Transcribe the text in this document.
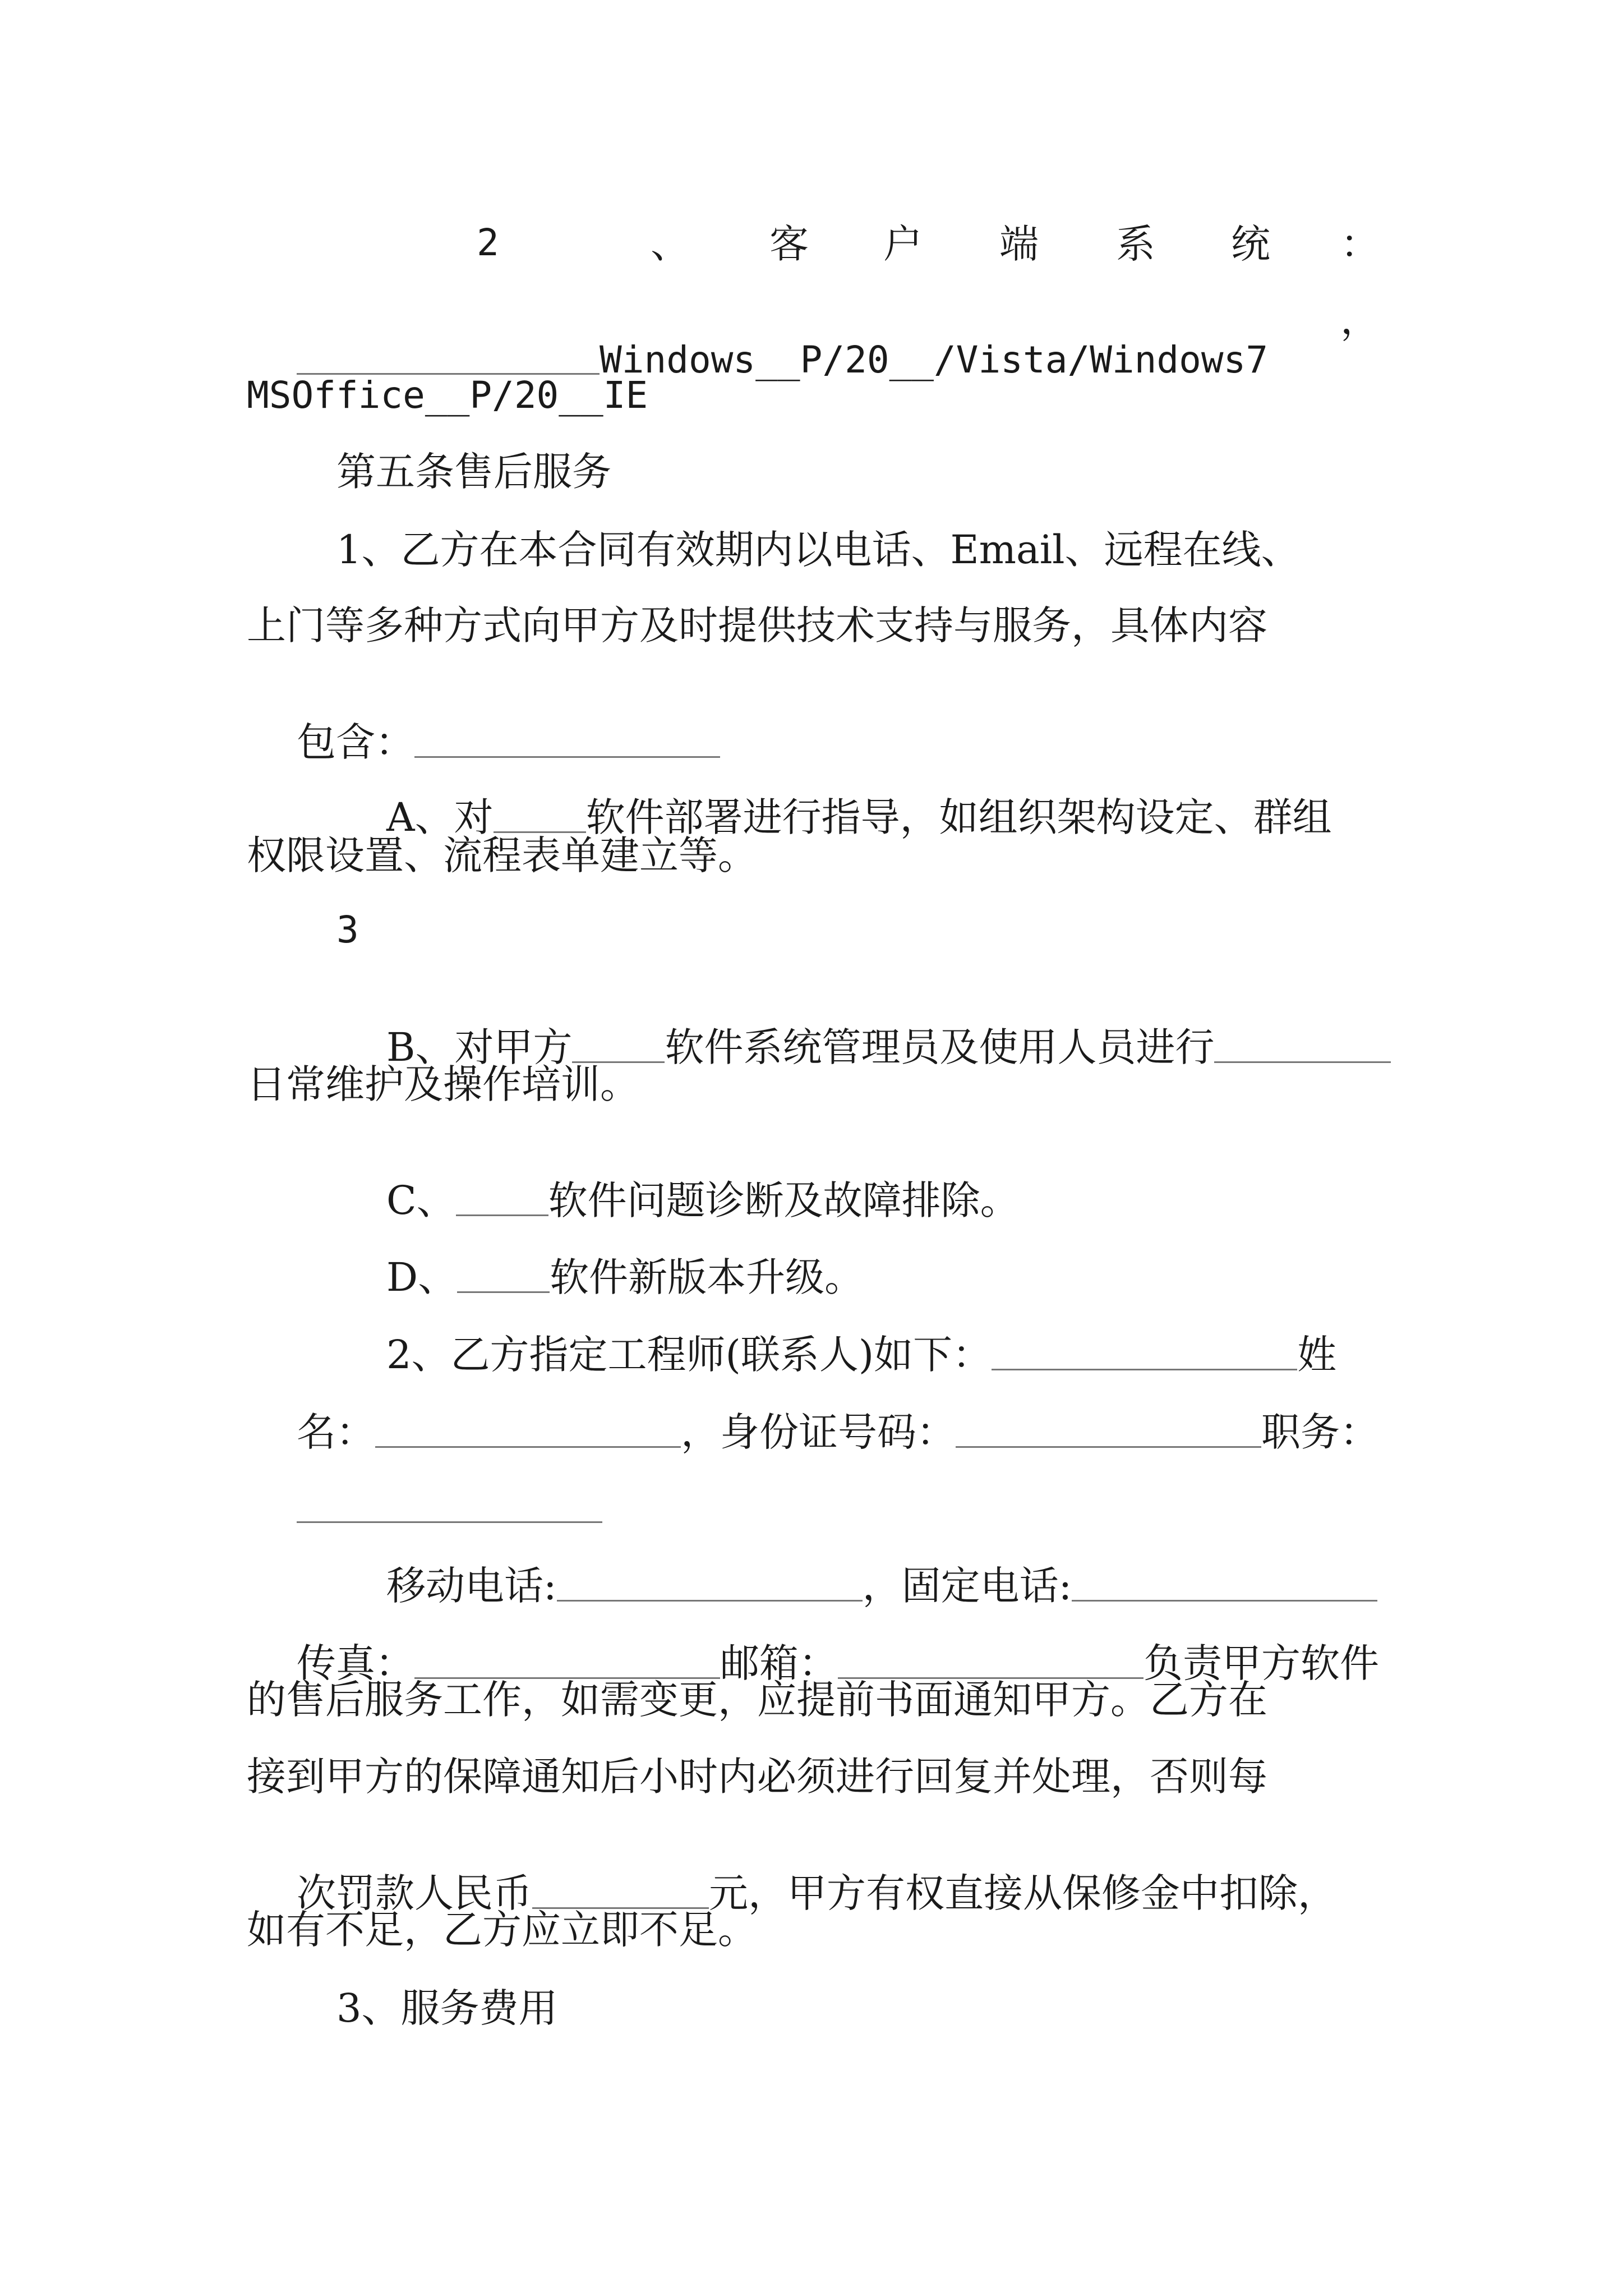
2

	、

客

户

端

系

统

：

Windows__P/20__/Vista/Windows7

，
MSOffice__P/20__IE
第五条售后服务
1、乙方在本合同有效期内以电话、Email、远程在线、
上门等多种方式向甲方及时提供技术支持与服务，具体内容

包含：

A、对 软件部署进行指导，如组织架构设定、群组

权限设置、流程表单建立等。
3

B、对甲方 软件系统管理员及使用人员进行

日常维护及操作培训。

C、 软件问题诊断及故障排除。

D、 软件新版本升级。

2、乙方指定工程师(联系人)如下：	姓

名：	，身份证号码：	职务：

移动电话:	，固定电话:

传真：	邮箱：	负责甲方软件

的售后服务工作，如需变更，应提前书面通知甲方。乙方在
接到甲方的保障通知后小时内必须进行回复并处理，否则每

次罚款人民币	元，甲方有权直接从保修金中扣除，

如有不足，乙方应立即不足。
3、服务费用
